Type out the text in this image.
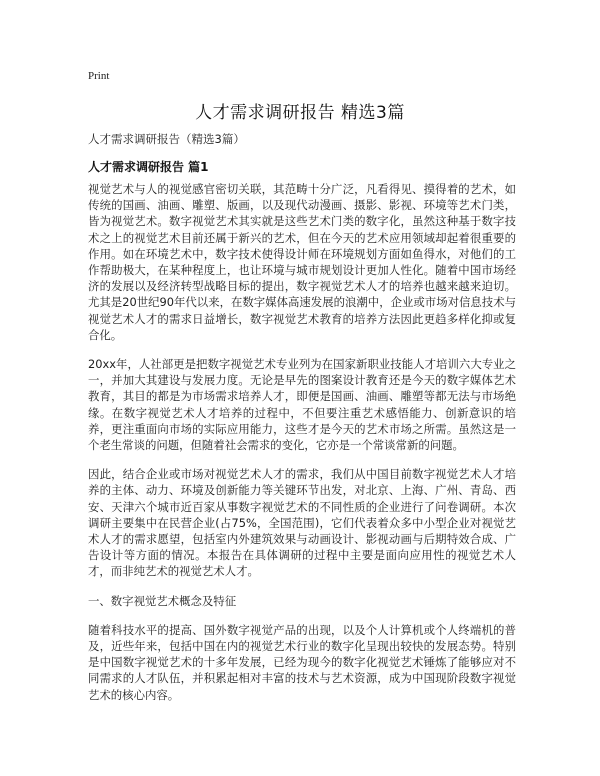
Print
人才需求调研报告 精选3篇
人才需求调研报告（精选3篇）
人才需求调研报告 篇1

视觉艺术与人的视觉感官密切关联，其范畴十分广泛，凡看得见、摸得着的艺术，如传统的国画、油画、雕塑、版画，以及现代动漫画、摄影、影视、环境等艺术门类，皆为视觉艺术。数字视觉艺术其实就是这些艺术门类的数字化，虽然这种基于数字技术之上的视觉艺术目前还属于新兴的艺术，但在今天的艺术应用领域却起着很重要的作用。如在环境艺术中，数字技术使得设计师在环境规划方面如鱼得水，对他们的工作帮助极大，在某种程度上，也让环境与城市规划设计更加人性化。随着中国市场经济的发展以及经济转型战略目标的提出，数字视觉艺术人才的培养也越来越来迫切。尤其是20世纪90年代以来，在数字媒体高速发展的浪潮中，企业或市场对信息技术与视觉艺术人才的需求日益增长，数字视觉艺术教育的培养方法因此更趋多样化抑或复合化。

20xx年，人社部更是把数字视觉艺术专业列为在国家新职业技能人才培训六大专业之一，并加大其建设与发展力度。无论是早先的图案设计教育还是今天的数字媒体艺术教育，其目的都是为市场需求培养人才，即便是国画、油画、雕塑等都无法与市场绝缘。在数字视觉艺术人才培养的过程中，不但要注重艺术感悟能力、创新意识的培养，更注重面向市场的实际应用能力，这些才是今天的艺术市场之所需。虽然这是一个老生常谈的问题，但随着社会需求的变化，它亦是一个常谈常新的问题。

因此，结合企业或市场对视觉艺术人才的需求，我们从中国目前数字视觉艺术人才培养的主体、动力、环境及创新能力等关键环节出发，对北京、上海、广州、青岛、西安、天津六个城市近百家从事数字视觉艺术的不同性质的企业进行了问卷调研。本次调研主要集中在民营企业(占75%，全国范围)，它们代表着众多中小型企业对视觉艺术人才的需求愿望，包括室内外建筑效果与动画设计、影视动画与后期特效合成、广告设计等方面的情况。本报告在具体调研的过程中主要是面向应用性的视觉艺术人才，而非纯艺术的视觉艺术人才。

一、数字视觉艺术概念及特征

随着科技水平的提高、国外数字视觉产品的出现，以及个人计算机或个人终端机的普及，近些年来，包括中国在内的视觉艺术行业的数字化呈现出较快的发展态势。特别是中国数字视觉艺术的十多年发展，已经为现今的数字化视觉艺术锤炼了能够应对不同需求的人才队伍，并积累起相对丰富的技术与艺术资源，成为中国现阶段数字视觉艺术的核心内容。
